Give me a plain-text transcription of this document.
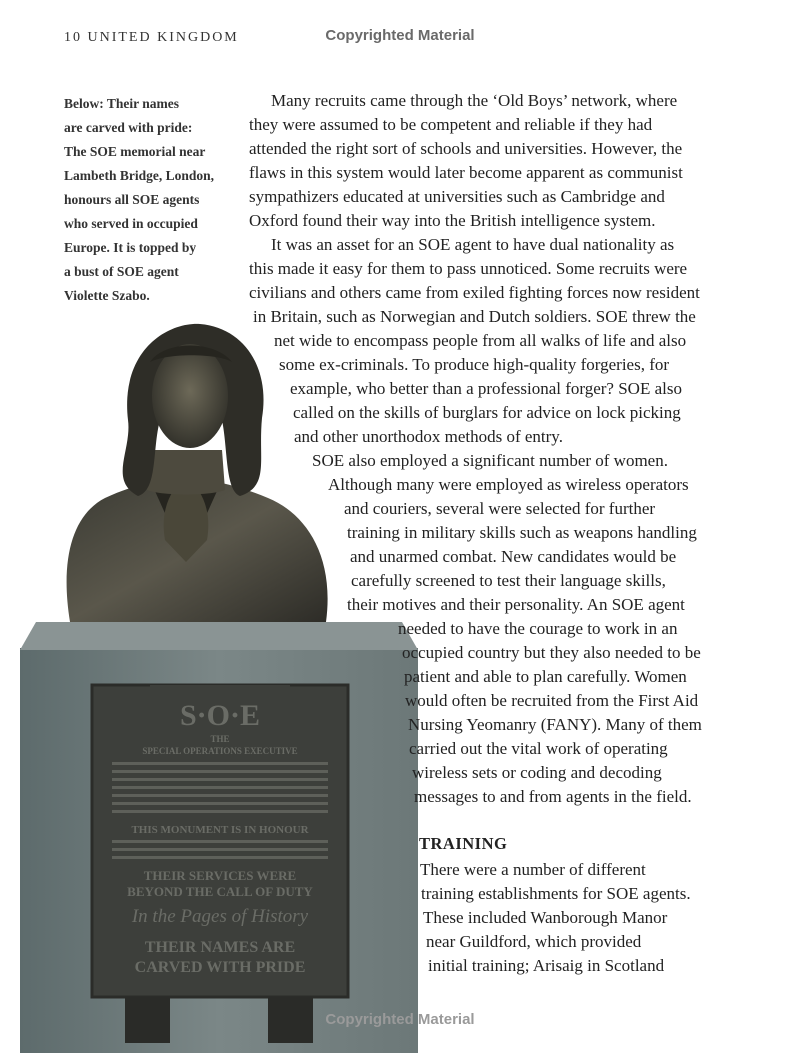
10 UNITED KINGDOM	Copyrighted Material
Below: Their names
are carved with pride:
The SOE memorial near
Lambeth Bridge, London,
honours all SOE agents
who served in occupied
Europe. It is topped by
a bust of SOE agent
Violette Szabo.
S·O·E
THE
SPECIAL OPERATIONS EXECUTIVE
THIS MONUMENT IS IN HONOUR
THEIR SERVICES WERE
BEYOND THE CALL OF DUTY
In the Pages of History
THEIR NAMES ARE
CARVED WITH PRIDE
Many recruits came through the ‘Old Boys’ network, where
they were assumed to be competent and reliable if they had
attended the right sort of schools and universities. However, the
flaws in this system would later become apparent as communist
sympathizers educated at universities such as Cambridge and
Oxford found their way into the British intelligence system.
It was an asset for an SOE agent to have dual nationality as
this made it easy for them to pass unnoticed. Some recruits were
civilians and others came from exiled fighting forces now resident
in Britain, such as Norwegian and Dutch soldiers. SOE threw the
net wide to encompass people from all walks of life and also
some ex-criminals. To produce high-quality forgeries, for
example, who better than a professional forger? SOE also
called on the skills of burglars for advice on lock picking
and other unorthodox methods of entry.
SOE also employed a significant number of women.
Although many were employed as wireless operators
and couriers, several were selected for further
training in military skills such as weapons handling
and unarmed combat. New candidates would be
carefully screened to test their language skills,
their motives and their personality. An SOE agent
needed to have the courage to work in an
occupied country but they also needed to be
patient and able to plan carefully. Women
would often be recruited from the First Aid
Nursing Yeomanry (FANY). Many of them
carried out the vital work of operating
wireless sets or coding and decoding
messages to and from agents in the field.
TRAINING
There were a number of different
training establishments for SOE agents.
These included Wanborough Manor
near Guildford, which provided
initial training; Arisaig in Scotland
Copyrighted Material
